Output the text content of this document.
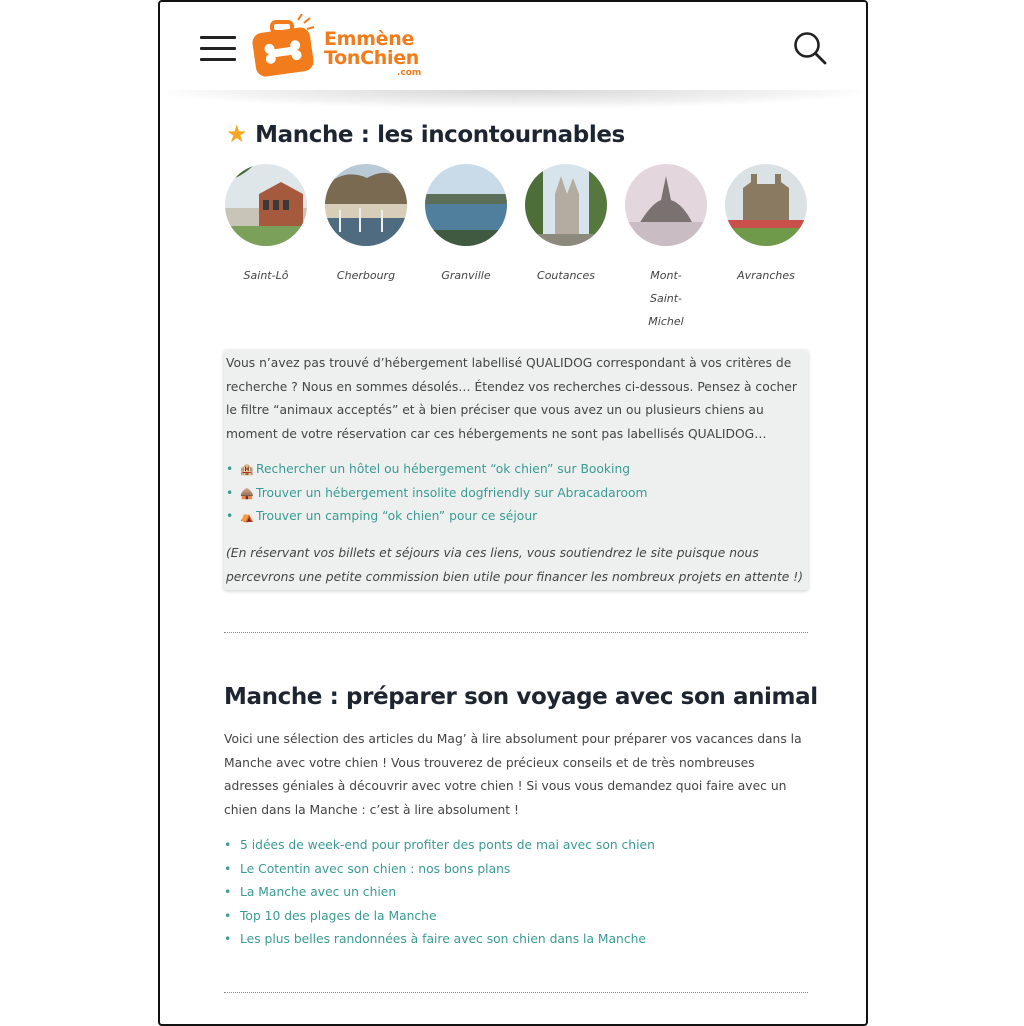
Emmène
TonChien
.com
★ Manche : les incontournables
Saint-Lô	Cherbourg	Granville	Coutances	Mont-Saint-Michel
Avranches

Vous n’avez pas trouvé d’hébergement labellisé QUALIDOG correspondant à vos critères de recherche ? Nous en sommes désolés… Étendez vos recherches ci-dessous. Pensez à cocher le filtre “animaux acceptés” et à bien préciser que vous avez un ou plusieurs chiens au moment de votre réservation car ces hébergements ne sont pas labellisés QUALIDOG…

• 🏨 Rechercher un hôtel ou hébergement “ok chien” sur Booking
• 🛖 Trouver un hébergement insolite dogfriendly sur Abracadaroom
• ⛺ Trouver un camping “ok chien” pour ce séjour

(En réservant vos billets et séjours via ces liens, vous soutiendrez le site puisque nous percevrons une petite commission bien utile pour financer les nombreux projets en attente !)

Manche : préparer son voyage avec son animal

Voici une sélection des articles du Mag’ à lire absolument pour préparer vos vacances dans la Manche avec votre chien ! Vous trouverez de précieux conseils et de très nombreuses adresses géniales à découvrir avec votre chien ! Si vous vous demandez quoi faire avec un chien dans la Manche : c’est à lire absolument !

• 5 idées de week-end pour profiter des ponts de mai avec son chien
• Le Cotentin avec son chien : nos bons plans
• La Manche avec un chien
• Top 10 des plages de la Manche
• Les plus belles randonnées à faire avec son chien dans la Manche
